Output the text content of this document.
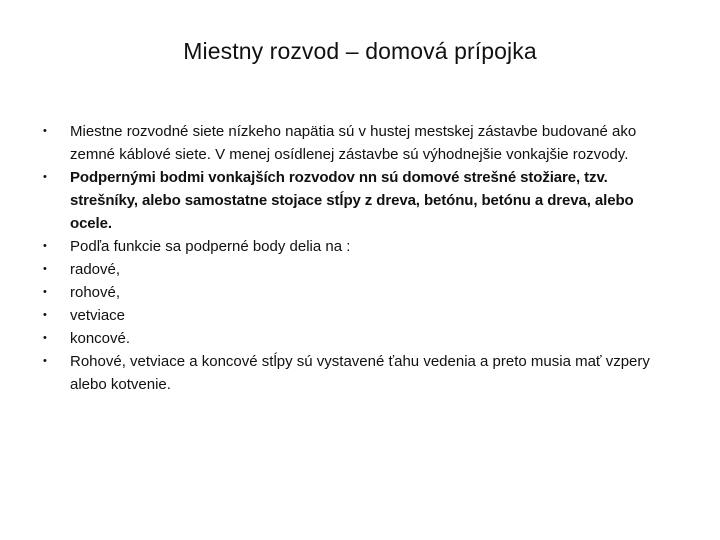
Miestny rozvod – domová prípojka
• Miestne rozvodné siete nízkeho napätia sú v hustej mestskej zástavbe budované ako zemné káblové siete. V menej osídlenej zástavbe sú výhodnejšie vonkajšie rozvody.
• Podpernými bodmi vonkajších rozvodov nn sú domové strešné stožiare, tzv. strešníky, alebo samostatne stojace stĺpy z dreva, betónu, betónu a dreva, alebo ocele.
• Podľa funkcie sa podperné body delia na :
• radové,
• rohové,
• vetviace
• koncové.
• Rohové, vetviace a koncové stĺpy sú vystavené ťahu vedenia a preto musia mať vzpery alebo kotvenie.
